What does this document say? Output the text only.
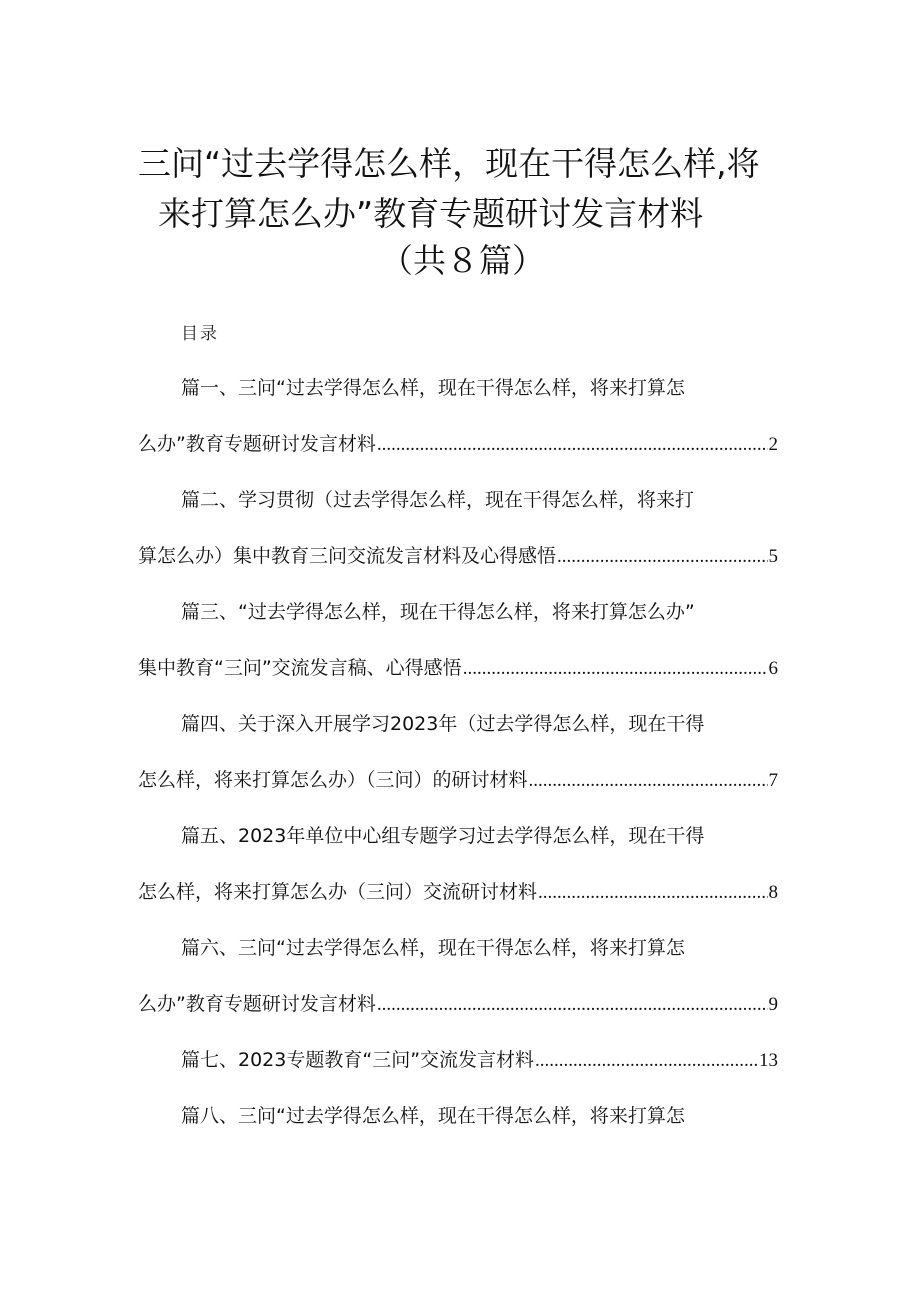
三问“过去学得怎么样，现在干得怎么样,将
来打算怎么办”教育专题研讨发言材料
（共８篇）
目录
篇一、三问“过去学得怎么样，现在干得怎么样，将来打算怎
么办”教育专题研讨发言材料 .....	2
篇二、学习贯彻（过去学得怎么样，现在干得怎么样，将来打
算怎么办）集中教育三问交流发言材料及心得感悟 .....	5
篇三、“过去学得怎么样，现在干得怎么样，将来打算怎么办”
集中教育“三问”交流发言稿、心得感悟 .....	6
篇四、关于深入开展学习2023年（过去学得怎么样，现在干得
怎么样，将来打算怎么办）（三问）的研讨材料 .....	7
篇五、2023年单位中心组专题学习过去学得怎么样，现在干得
怎么样，将来打算怎么办（三问）交流研讨材料 .....	8
篇六、三问“过去学得怎么样，现在干得怎么样，将来打算怎
么办”教育专题研讨发言材料 .....	9
篇七、2023专题教育“三问”交流发言材料 .....	13
篇八、三问“过去学得怎么样，现在干得怎么样，将来打算怎
